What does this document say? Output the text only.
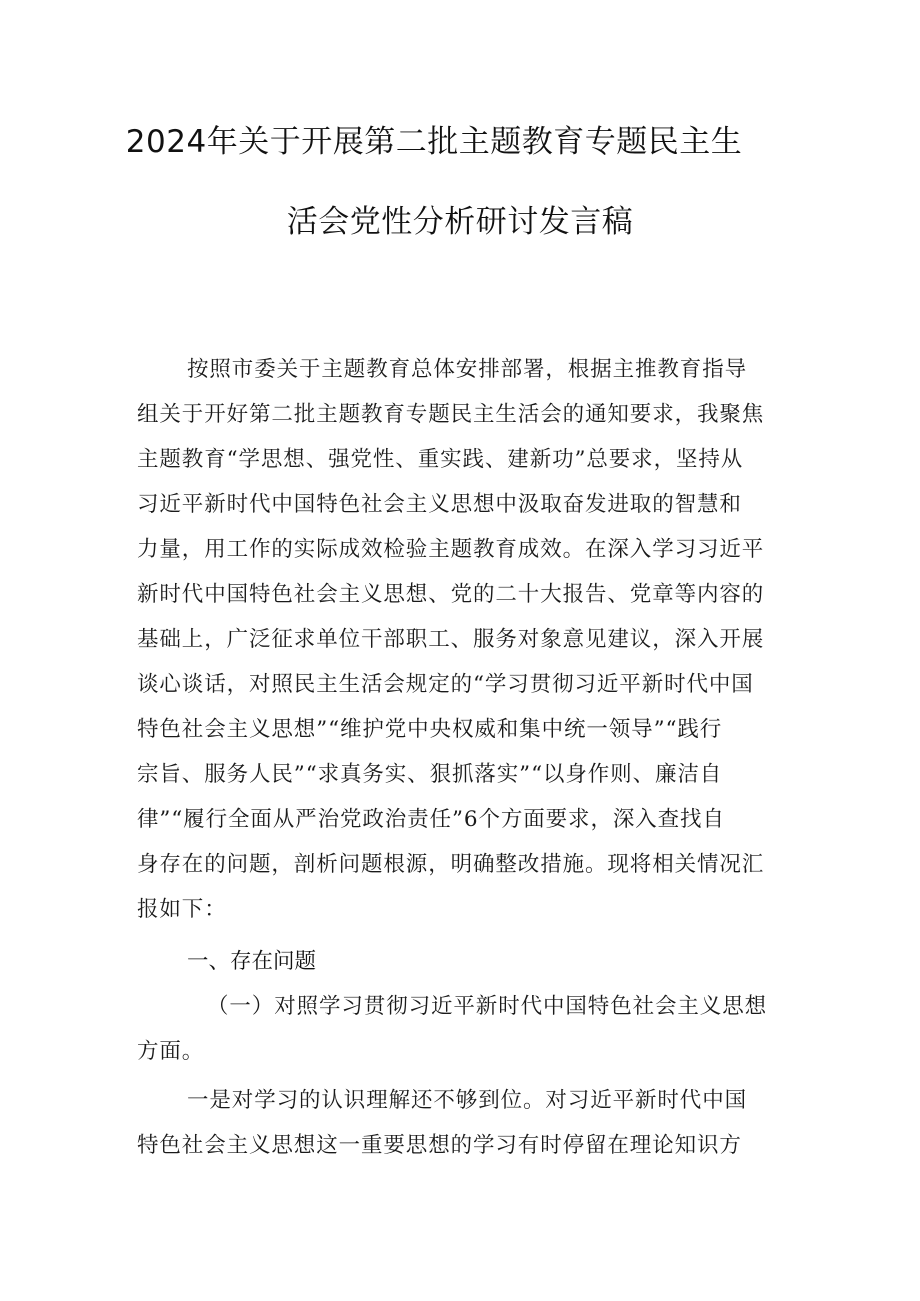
2024年关于开展第二批主题教育专题民主生
活会党性分析研讨发言稿
按照市委关于主题教育总体安排部署，根据主推教育指导
组关于开好第二批主题教育专题民主生活会的通知要求，我聚焦
主题教育“学思想、强党性、重实践、建新功”总要求，坚持从
习近平新时代中国特色社会主义思想中汲取奋发进取的智慧和
力量，用工作的实际成效检验主题教育成效。在深入学习习近平
新时代中国特色社会主义思想、党的二十大报告、党章等内容的
基础上，广泛征求单位干部职工、服务对象意见建议，深入开展
谈心谈话，对照民主生活会规定的“学习贯彻习近平新时代中国
特色社会主义思想”“维护党中央权威和集中统一领导”“践行
宗旨、服务人民”“求真务实、狠抓落实”“以身作则、廉洁自
律”“履行全面从严治党政治责任”6个方面要求，深入查找自
身存在的问题，剖析问题根源，明确整改措施。现将相关情况汇
报如下：
一、存在问题
（一）对照学习贯彻习近平新时代中国特色社会主义思想
方面。
一是对学习的认识理解还不够到位。对习近平新时代中国
特色社会主义思想这一重要思想的学习有时停留在理论知识方
